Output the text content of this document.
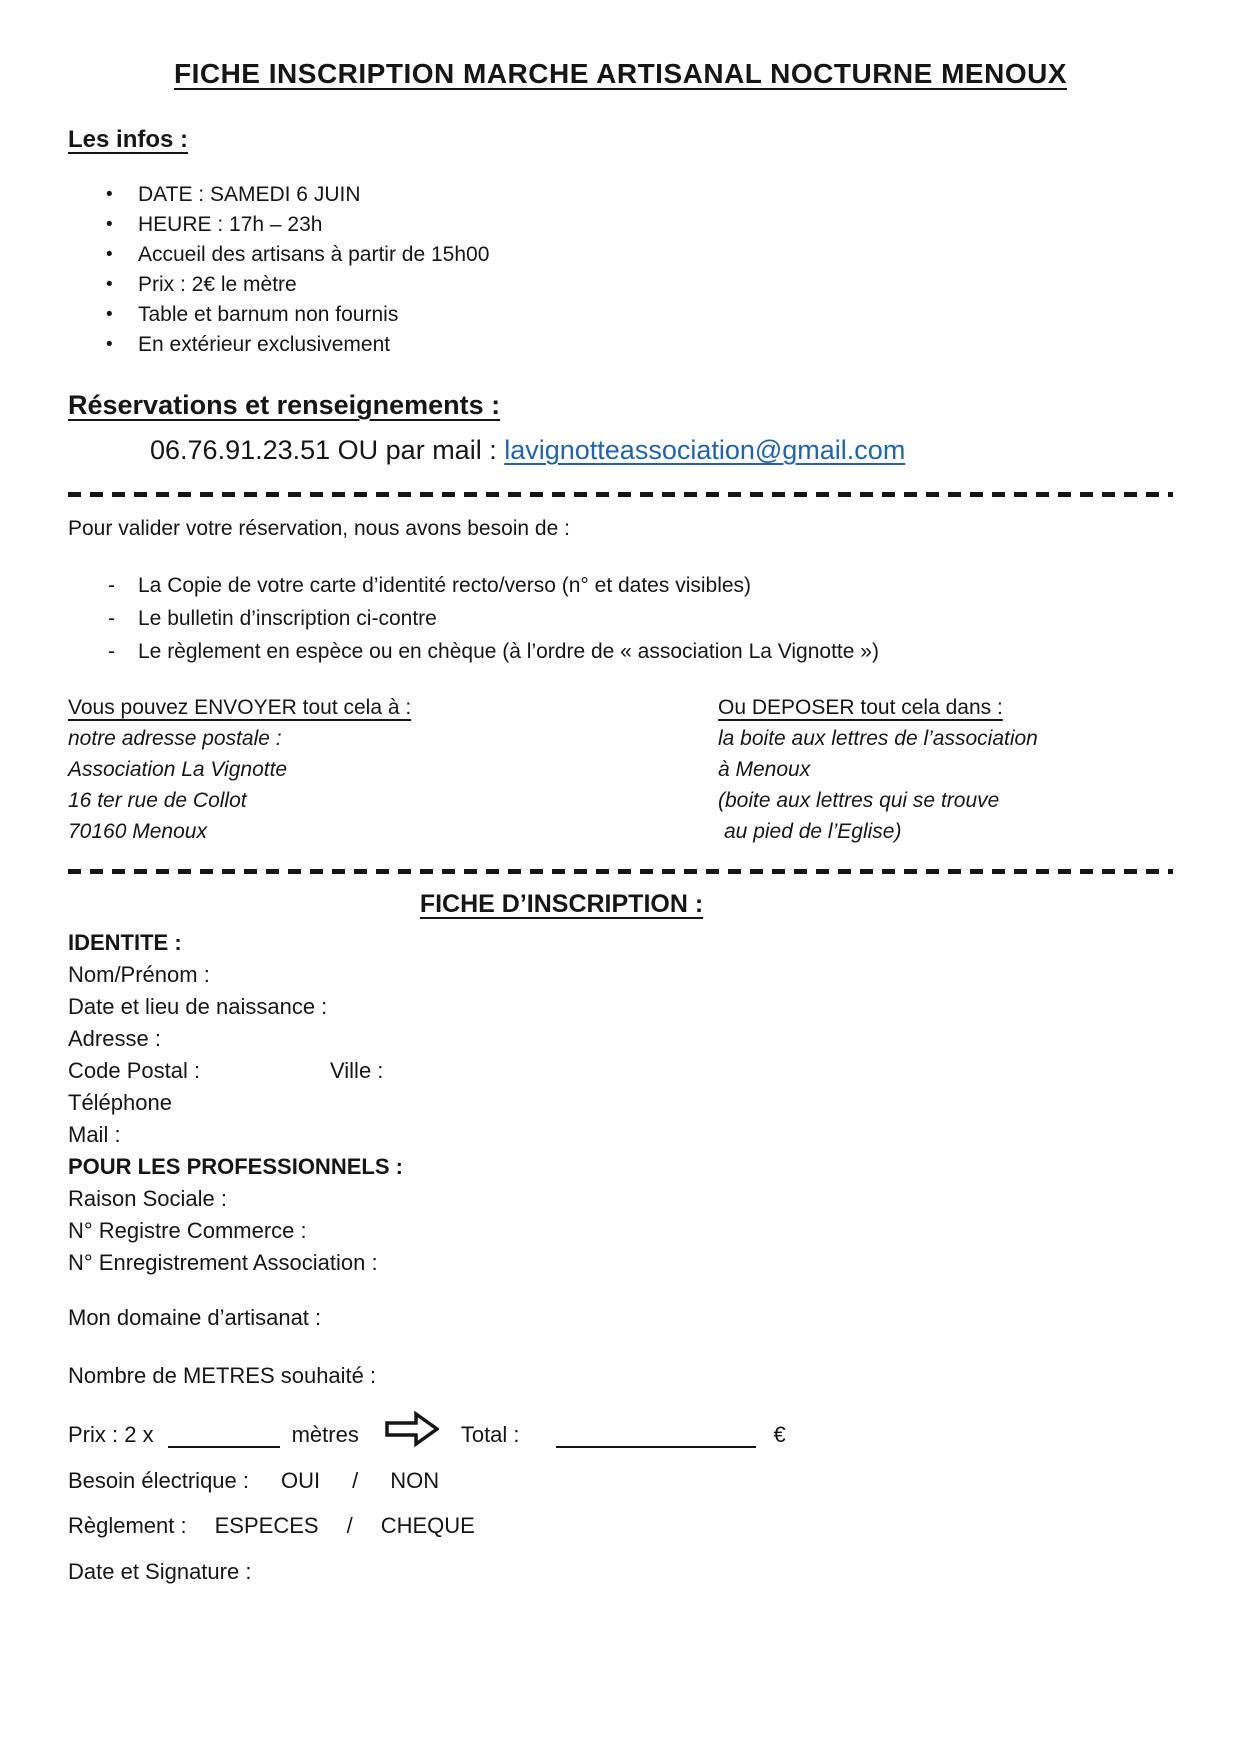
FICHE INSCRIPTION MARCHE ARTISANAL NOCTURNE MENOUX
Les infos :
• DATE : SAMEDI 6 JUIN
• HEURE : 17h – 23h
• Accueil des artisans à partir de 15h00
• Prix : 2€ le mètre
• Table et barnum non fournis
• En extérieur exclusivement
Réservations et renseignements :
06.76.91.23.51 OU par mail : lavignotteassociation@gmail.com
Pour valider votre réservation, nous avons besoin de :
- La Copie de votre carte d’identité recto/verso (n° et dates visibles)
- Le bulletin d’inscription ci-contre
- Le règlement en espèce ou en chèque (à l’ordre de « association La Vignotte »)
Vous pouvez ENVOYER tout cela à :
notre adresse postale :
Association La Vignotte
16 ter rue de Collot
70160 Menoux
Ou DEPOSER tout cela dans :
la boite aux lettres de l’association
à Menoux
(boite aux lettres qui se trouve
au pied de l’Eglise)
FICHE D’INSCRIPTION :
IDENTITE :
Nom/Prénom :
Date et lieu de naissance :
Adresse :
Code Postal :	Ville :
Téléphone
Mail :
POUR LES PROFESSIONNELS :
Raison Sociale :
N° Registre Commerce :
N° Enregistrement Association :
Mon domaine d’artisanat :
Nombre de METRES souhaité :
Prix : 2 x	mètres	Total :	€
Besoin électrique : OUI / NON
Règlement : ESPECES / CHEQUE
Date et Signature :
